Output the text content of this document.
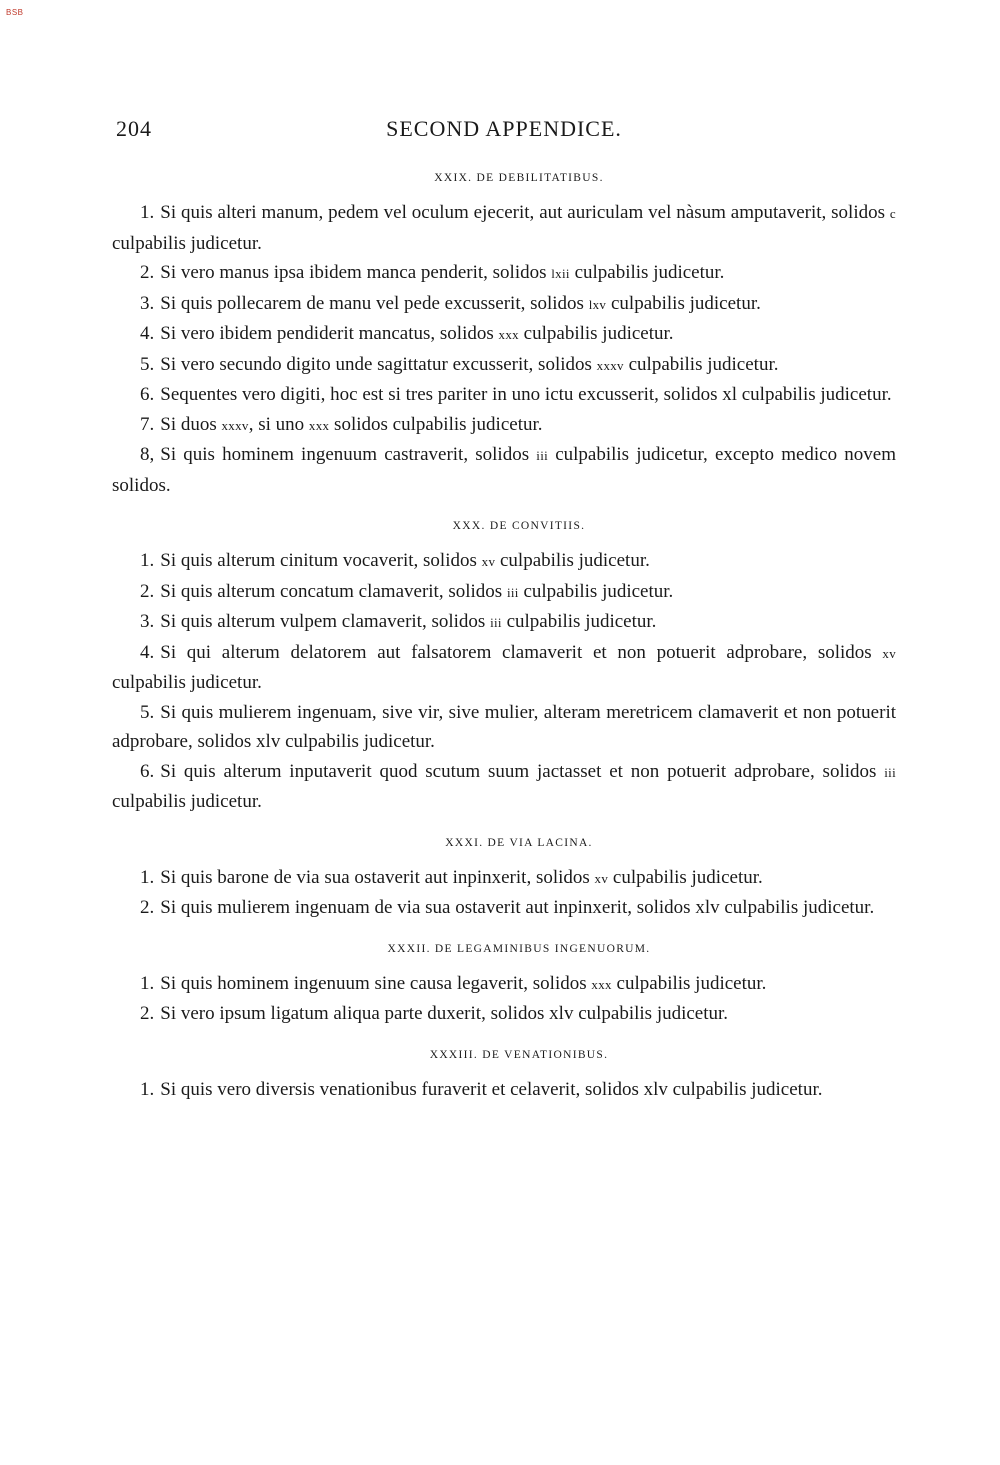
BSB
204	SECOND APPENDICE.
XXIX. DE DEBILITATIBUS.

1. Si quis alteri manum, pedem vel oculum ejecerit, aut auriculam vel nàsum amputaverit, solidos c culpabilis judicetur.

2. Si vero manus ipsa ibidem manca penderit, solidos lxii culpabilis judicetur.

3. Si quis pollecarem de manu vel pede excusserit, solidos lxv culpabilis judicetur.

4. Si vero ibidem pendiderit mancatus, solidos xxx culpabilis judicetur.

5. Si vero secundo digito unde sagittatur excusserit, solidos xxxv culpabilis judicetur.

6. Sequentes vero digiti, hoc est si tres pariter in uno ictu excusserit, solidos xl culpabilis judicetur.

7. Si duos xxxv, si uno xxx solidos culpabilis judicetur.

8, Si quis hominem ingenuum castraverit, solidos iii culpabilis judicetur, excepto medico novem solidos.

XXX. DE CONVITIIS.

1. Si quis alterum cinitum vocaverit, solidos xv culpabilis judicetur.

2. Si quis alterum concatum clamaverit, solidos iii culpabilis judicetur.

3. Si quis alterum vulpem clamaverit, solidos iii culpabilis judicetur.

4. Si qui alterum delatorem aut falsatorem clamaverit et non potuerit adprobare, solidos xv culpabilis judicetur.

5. Si quis mulierem ingenuam, sive vir, sive mulier, alteram meretricem clamaverit et non potuerit adprobare, solidos xlv culpabilis judicetur.

6. Si quis alterum inputaverit quod scutum suum jactasset et non potuerit adprobare, solidos iii culpabilis judicetur.

XXXI. DE VIA LACINA.

1. Si quis barone de via sua ostaverit aut inpinxerit, solidos xv culpabilis judicetur.

2. Si quis mulierem ingenuam de via sua ostaverit aut inpinxerit, solidos xlv culpabilis judicetur.

XXXII. DE LEGAMINIBUS INGENUORUM.

1. Si quis hominem ingenuum sine causa legaverit, solidos xxx culpabilis judicetur.

2. Si vero ipsum ligatum aliqua parte duxerit, solidos xlv culpabilis judicetur.

XXXIII. DE VENATIONIBUS.

1. Si quis vero diversis venationibus furaverit et celaverit, solidos xlv culpabilis judicetur.
